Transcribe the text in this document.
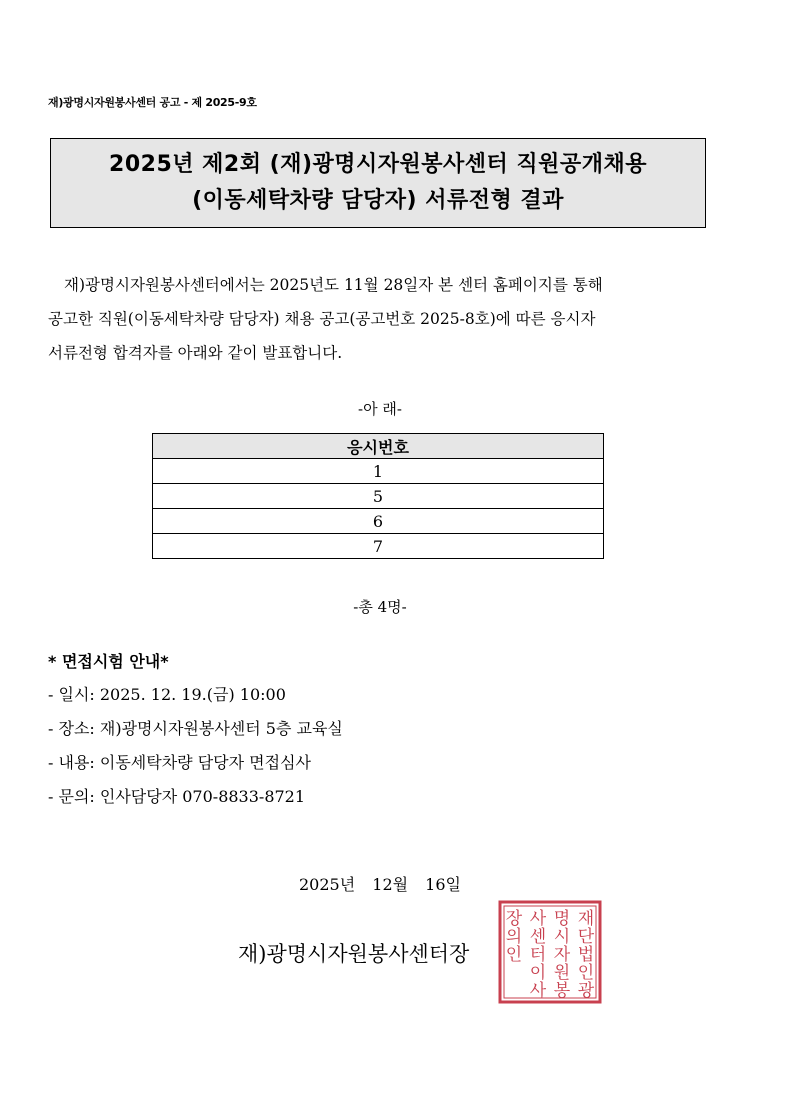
재)광명시자원봉사센터 공고 - 제 2025-9호
2025년 제2회 (재)광명시자원봉사센터 직원공개채용
(이동세탁차량 담당자) 서류전형 결과
재)광명시자원봉사센터에서는 2025년도 11월 28일자 본 센터 홈페이지를 통해
공고한 직원(이동세탁차량 담당자) 채용 공고(공고번호 2025-8호)에 따른 응시자
서류전형 합격자를 아래와 같이 발표합니다.
-아 래-
응시번호
1
5
6
7
-총 4명-
* 면접시험 안내*
- 일시: 2025. 12. 19.(금) 10:00
- 장소: 재)광명시자원봉사센터 5층 교육실
- 내용: 이동세탁차량 담당자 면접심사
- 문의: 인사담당자 070-8833-8721
2025년 12월 16일
재)광명시자원봉사센터장
재
단
법
인
광
명
시
자
원
봉
사
센
터
이
사
장
의
인
